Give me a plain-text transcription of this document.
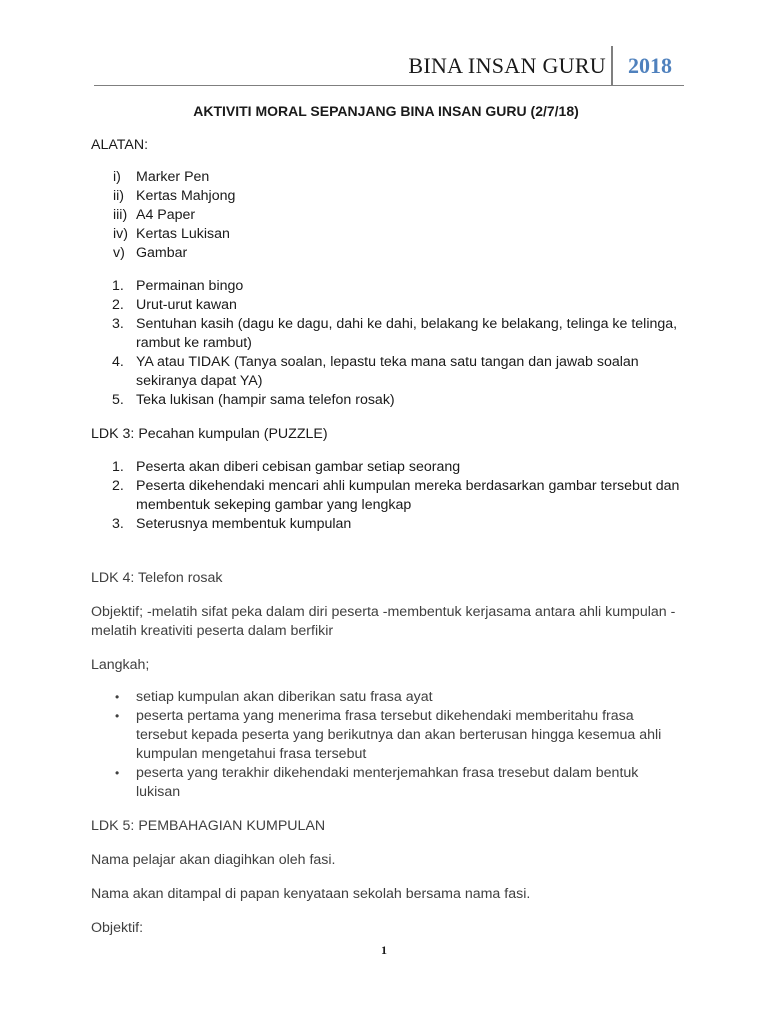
BINA INSAN GURU 2018

AKTIVITI MORAL SEPANJANG BINA INSAN GURU (2/7/18)

ALATAN:

i) Marker Pen
ii) Kertas Mahjong
iii) A4 Paper
iv) Kertas Lukisan
v) Gambar
1. Permainan bingo
2. Urut-urut kawan
3. Sentuhan kasih (dagu ke dagu, dahi ke dahi, belakang ke belakang, telinga ke telinga, rambut ke rambut)
4. YA atau TIDAK (Tanya soalan, lepastu teka mana satu tangan dan jawab soalan sekiranya dapat YA)
5. Teka lukisan (hampir sama telefon rosak)

LDK 3: Pecahan kumpulan (PUZZLE)

1. Peserta akan diberi cebisan gambar setiap seorang
2. Peserta dikehendaki mencari ahli kumpulan mereka berdasarkan gambar tersebut dan membentuk sekeping gambar yang lengkap
3. Seterusnya membentuk kumpulan

LDK 4: Telefon rosak

Objektif; -melatih sifat peka dalam diri peserta -membentuk kerjasama antara ahli kumpulan -melatih kreativiti peserta dalam berfikir

Langkah;

• setiap kumpulan akan diberikan satu frasa ayat
• peserta pertama yang menerima frasa tersebut dikehendaki memberitahu frasa tersebut kepada peserta yang berikutnya dan akan berterusan hingga kesemua ahli kumpulan mengetahui frasa tersebut
• peserta yang terakhir dikehendaki menterjemahkan frasa tresebut dalam bentuk lukisan

LDK 5: PEMBAHAGIAN KUMPULAN

Nama pelajar akan diagihkan oleh fasi.

Nama akan ditampal di papan kenyataan sekolah bersama nama fasi.

Objektif:

1
